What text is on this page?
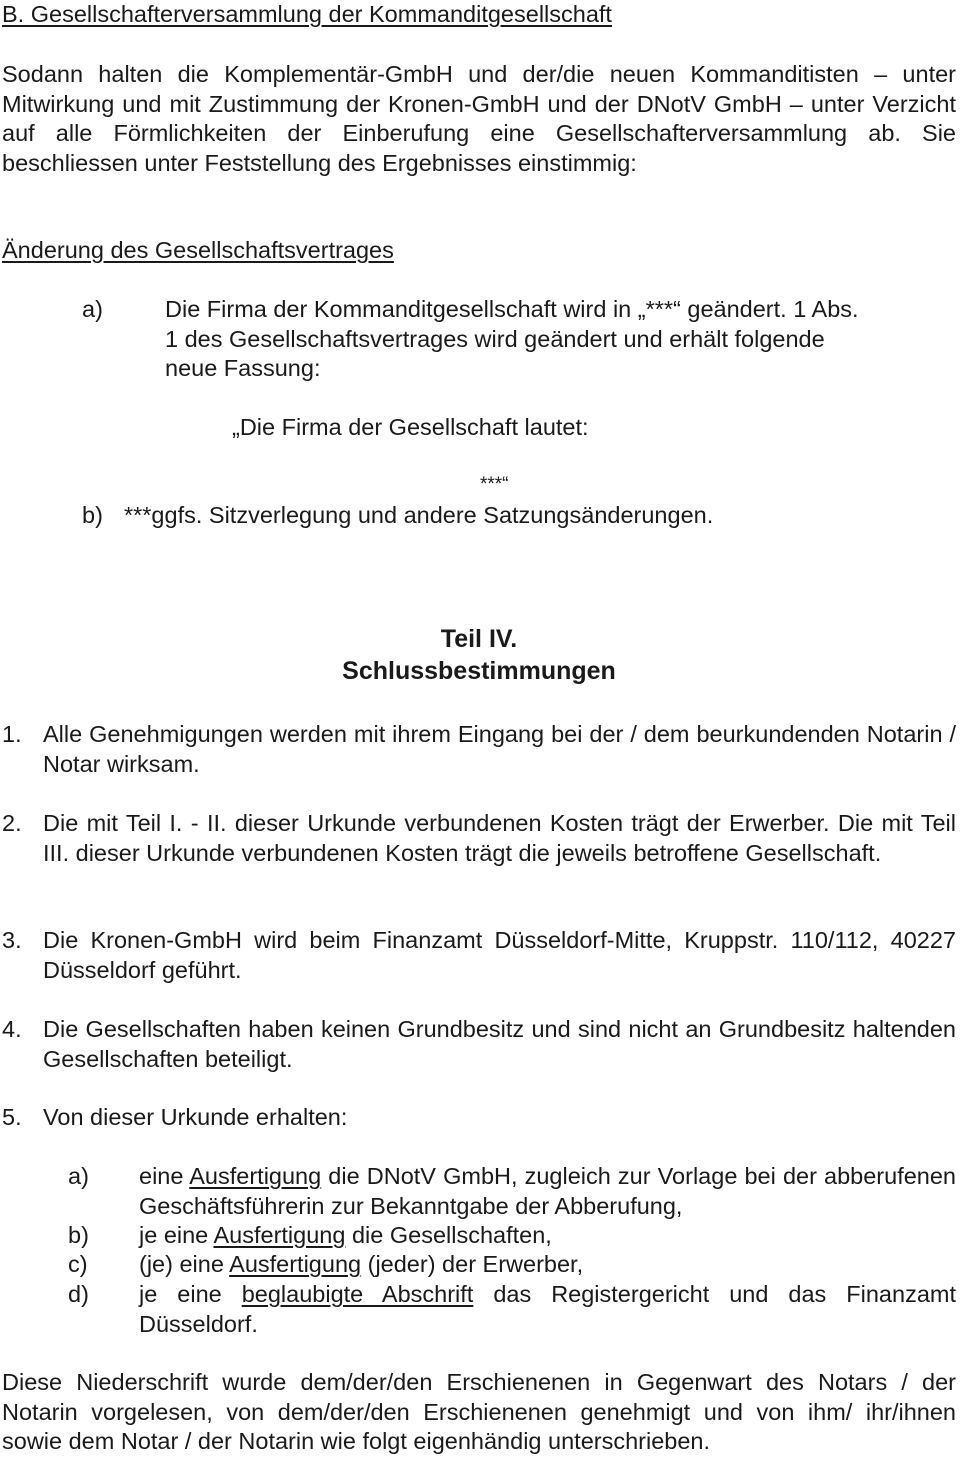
B. Gesellschafterversammlung der Kommanditgesellschaft
Sodann halten die Komplementär-GmbH und der/die neuen Kommanditisten – unter Mitwirkung und mit Zustimmung der Kronen-GmbH und der DNotV GmbH – unter Verzicht auf alle Förmlichkeiten der Einberufung eine Gesellschafterversammlung ab. Sie beschliessen unter Feststellung des Ergebnisses einstimmig:
Änderung des Gesellschaftsvertrages
a)	Die Firma der Kommanditgesellschaft wird in „***“ geändert. 1 Abs. 1 des Gesellschaftsvertrages wird geändert und erhält folgende neue Fassung:
„Die Firma der Gesellschaft lautet:
***“
b) ***ggfs. Sitzverlegung und andere Satzungsänderungen.
Teil IV.
Schlussbestimmungen
1. Alle Genehmigungen werden mit ihrem Eingang bei der / dem beurkundenden Notarin / Notar wirksam.
2. Die mit Teil I. - II. dieser Urkunde verbundenen Kosten trägt der Erwerber. Die mit Teil III. dieser Urkunde verbundenen Kosten trägt die jeweils betroffene Gesellschaft.
3. Die Kronen-GmbH wird beim Finanzamt Düsseldorf-Mitte, Kruppstr. 110/112, 40227 Düsseldorf geführt.
4. Die Gesellschaften haben keinen Grundbesitz und sind nicht an Grundbesitz haltenden Gesellschaften beteiligt.
5. Von dieser Urkunde erhalten:
a) eine Ausfertigung die DNotV GmbH, zugleich zur Vorlage bei der abberufenen Geschäftsführerin zur Bekanntgabe der Abberufung,
b) je eine Ausfertigung die Gesellschaften,
c) (je) eine Ausfertigung (jeder) der Erwerber,
d) je eine beglaubigte Abschrift das Registergericht und das Finanzamt Düsseldorf.
Diese Niederschrift wurde dem/der/den Erschienenen in Gegenwart des Notars / der Notarin vorgelesen, von dem/der/den Erschienenen genehmigt und von ihm/ ihr/ihnen sowie dem Notar / der Notarin wie folgt eigenhändig unterschrieben.
